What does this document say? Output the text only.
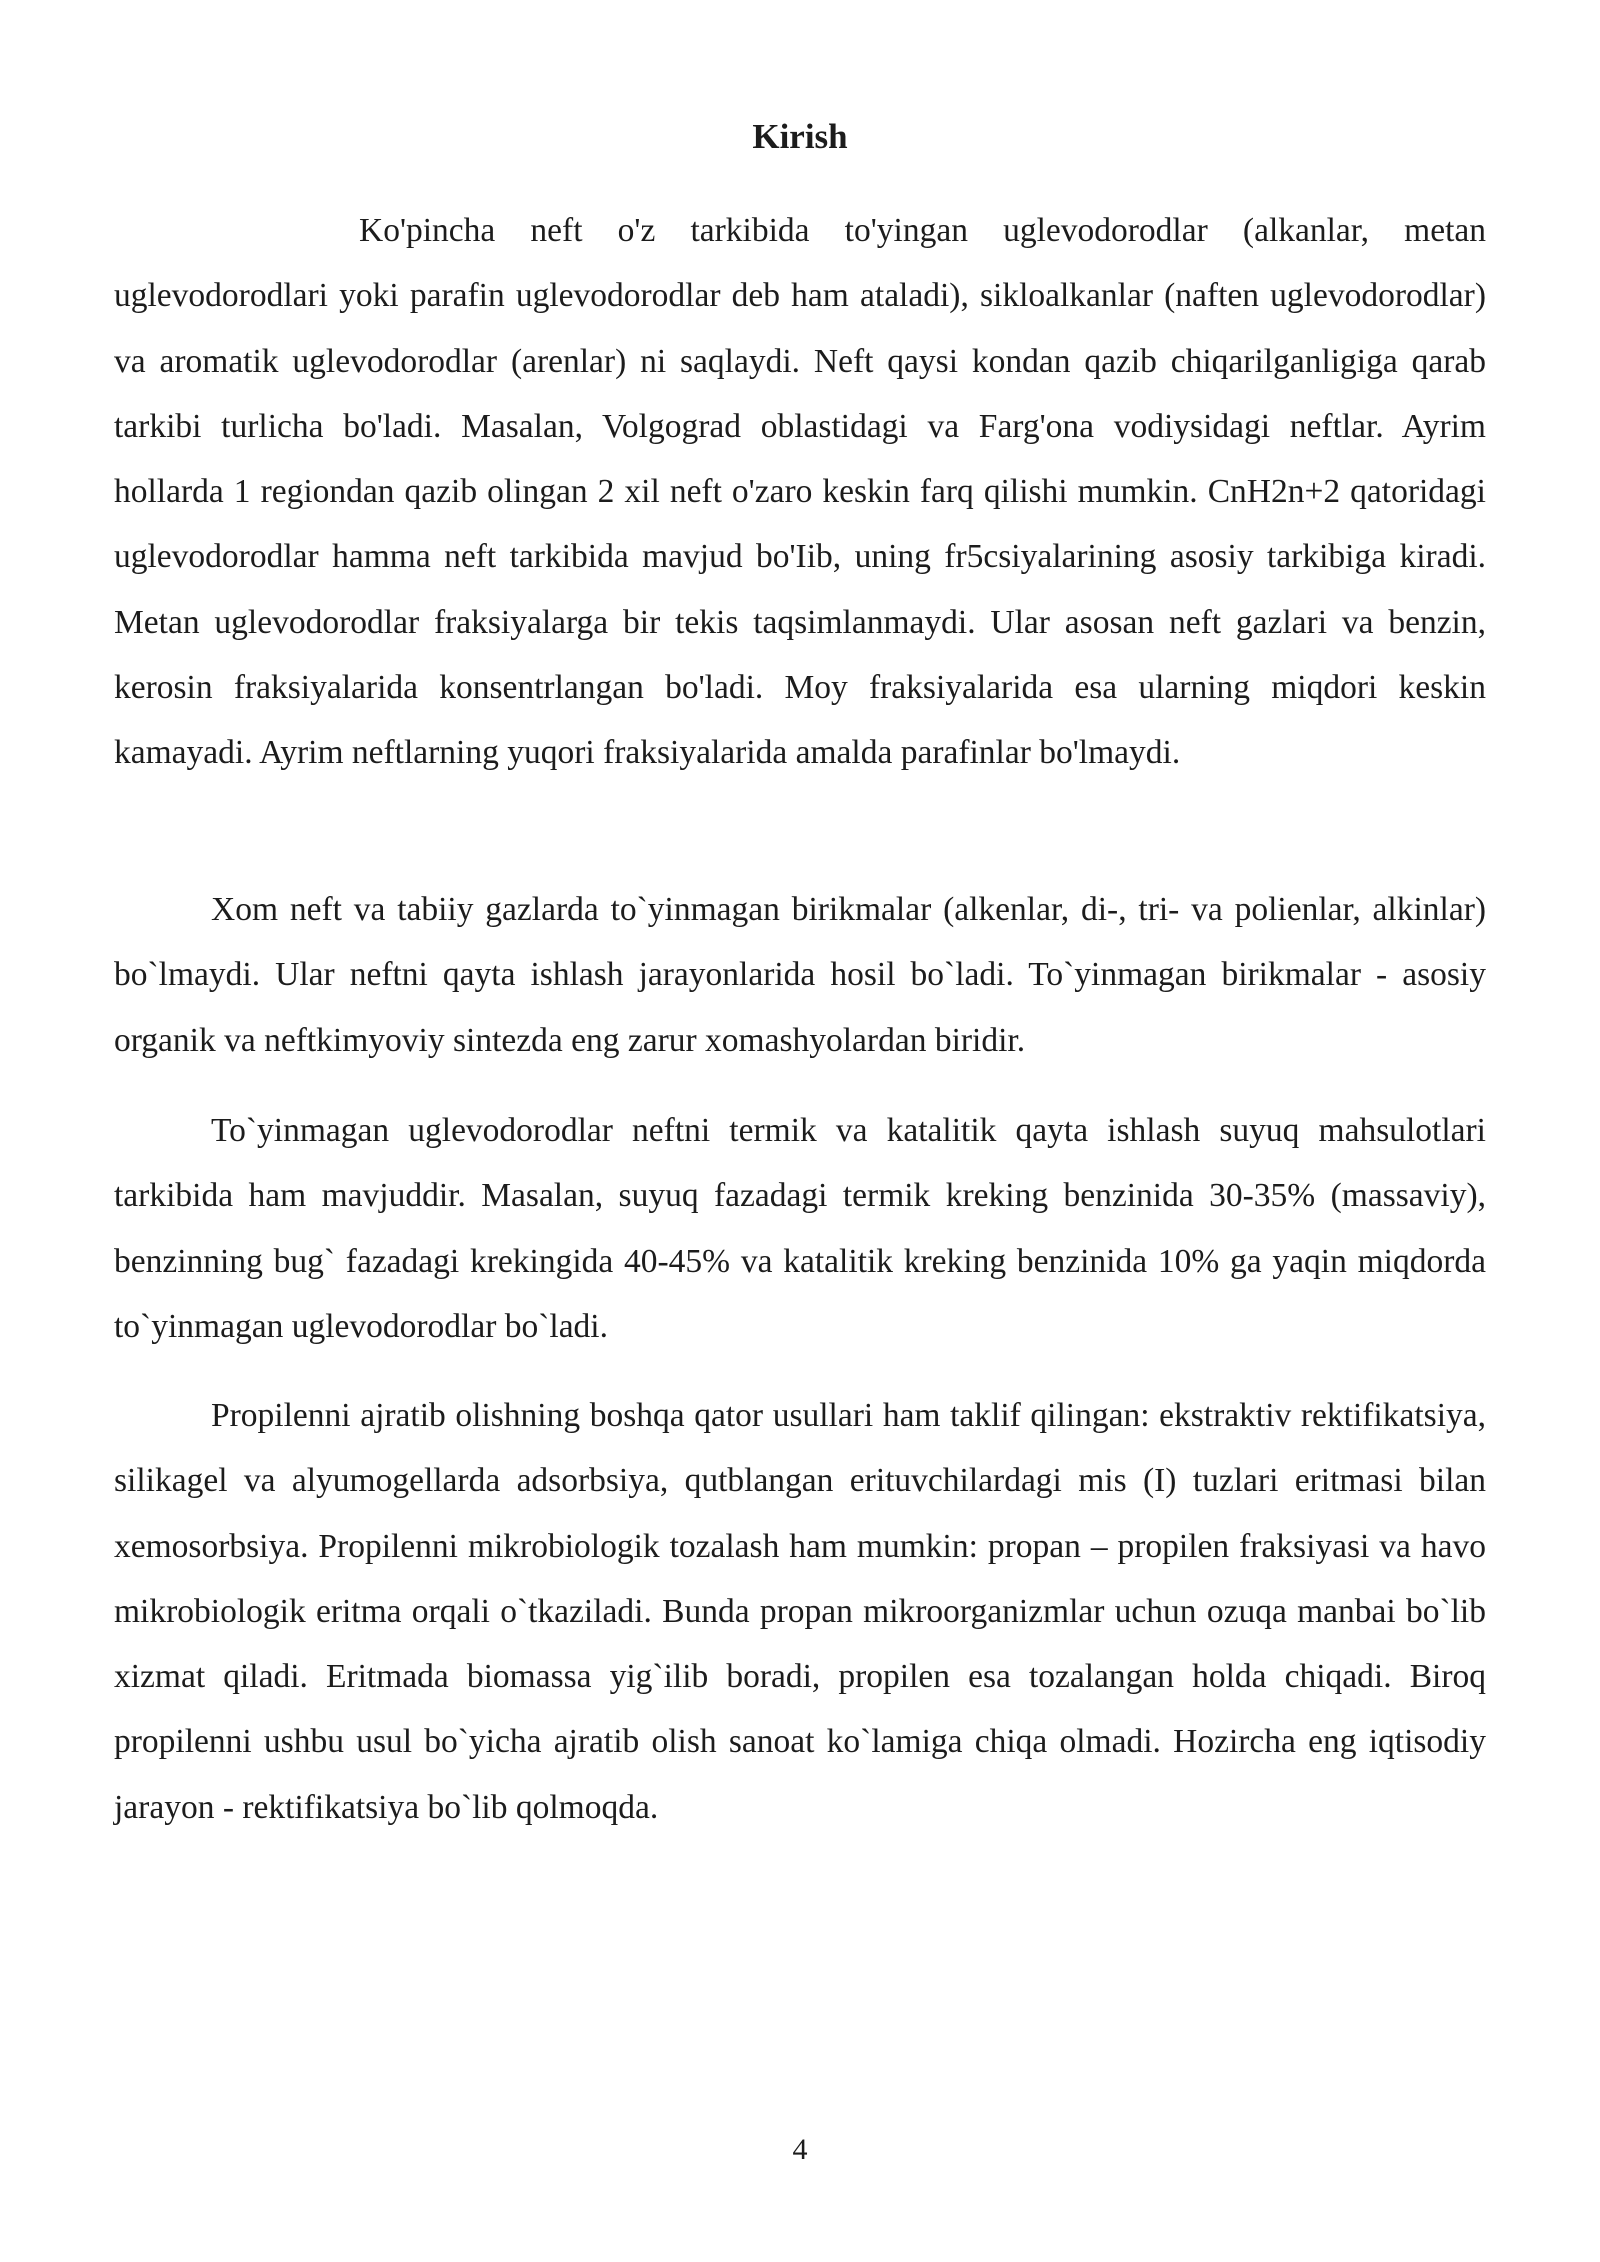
Kirish

Ko'pincha neft o'z tarkibida to'yingan uglevodorodlar (alkanlar, metan uglevodorodlari yoki parafin uglevodorodlar deb ham ataladi), sikloalkanlar (naften uglevodorodlar) va aromatik uglevodorodlar (arenlar) ni saqlaydi. Neft qaysi kondan qazib chiqarilganligiga qarab tarkibi turlicha bo'ladi. Masalan, Volgograd oblastidagi va Farg'ona vodiysidagi neftlar. Ayrim hollarda 1 regiondan qazib olingan 2 xil neft o'zaro keskin farq qilishi mumkin. CnH2n+2 qatoridagi uglevodorodlar hamma neft tarkibida mavjud bo'Iib, uning fr5csiyalarining asosiy tarkibiga kiradi. Metan uglevodorodlar fraksiyalarga bir tekis taqsimlanmaydi. Ular asosan neft gazlari va benzin, kerosin fraksiyalarida konsentrlangan bo'ladi. Moy fraksiyalarida esa ularning miqdori keskin kamayadi. Ayrim neftlarning yuqori fraksiyalarida amalda parafinlar bo'lmaydi.

Xom neft va tabiiy gazlarda to`yinmagan birikmalar (alkenlar, di-, tri- va polienlar, alkinlar) bo`lmaydi. Ular neftni qayta ishlash jarayonlarida hosil bo`ladi. To`yinmagan birikmalar - asosiy organik va neftkimyoviy sintezda eng zarur xomashyolardan biridir.

To`yinmagan uglevodorodlar neftni termik va katalitik qayta ishlash suyuq mahsulotlari tarkibida ham mavjuddir. Masalan, suyuq fazadagi termik kreking benzinida 30-35% (massaviy), benzinning bug` fazadagi krekingida 40-45% va katalitik kreking benzinida 10% ga yaqin miqdorda to`yinmagan uglevodorodlar bo`ladi.

Propilenni ajratib olishning boshqa qator usullari ham taklif qilingan: ekstraktiv rektifikatsiya, silikagel va alyumogellarda adsorbsiya, qutblangan erituvchilardagi mis (I) tuzlari eritmasi bilan xemosorbsiya. Propilenni mikrobiologik tozalash ham mumkin: propan – propilen fraksiyasi va havo mikrobiologik eritma orqali o`tkaziladi. Bunda propan mikroorganizmlar uchun ozuqa manbai bo`lib xizmat qiladi. Eritmada biomassa yig`ilib boradi, propilen esa tozalangan holda chiqadi. Biroq propilenni ushbu usul bo`yicha ajratib olish sanoat ko`lamiga chiqa olmadi. Hozircha eng iqtisodiy jarayon - rektifikatsiya bo`lib qolmoqda.

4
